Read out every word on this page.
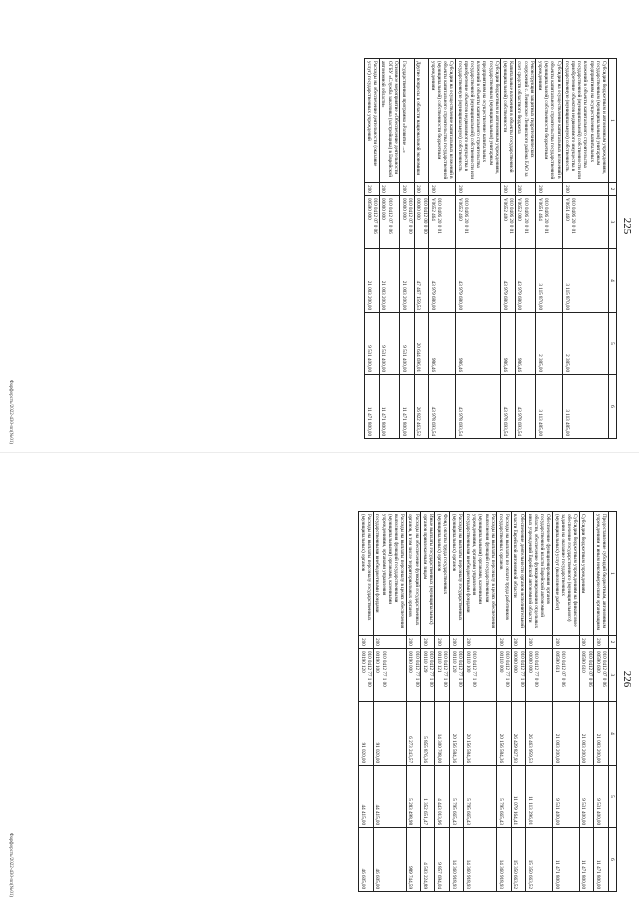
225
1	2	3	4	5	6
Субсидии бюджетным и автономным учреждениям, государственным (муниципальным) унитарным предприятиям на осуществление капитальных вложений в объекты капитального строительства государственной (муниципальной) собственности или приобретение объектов недвижимого имущества в государственную (муниципальную) собственность	200	010 0406 20 0 01 V0651 460	3 115 870,00	2 385,00	3 113 485,00
Субсидии на осуществление капитальных вложений в объекты капитального строительства государственной (муниципальной) собственности бюджетным учреждениям	200	010 0406 20 0 01 V0651 464	3 115 870,00	2 385,00	3 113 485,00
Реконструкция защитных гидротехнических сооружений с. Ленинское Ленинского района ЕАО за счет средств областного бюджета	200	010 0406 20 0 01 V0652 000	43 979 680,00	986,46	43 978 693,54
Капитальные вложения в объекты государственной (муниципальной) собственности	200	010 0406 20 0 01 V0652 400	43 979 680,00	986,46	43 978 693,54
Субсидии бюджетным и автономным учреждениям, государственным (муниципальным) унитарным предприятиям на осуществление капитальных вложений в объекты капитального строительства государственной (муниципальной) собственности или приобретение объектов недвижимого имущества в государственную (муниципальную) собственность	200	010 0406 20 0 01 V0652 460	43 979 680,00	986,46	43 978 693,54
Субсидии на осуществление капитальных вложений в объекты капитального строительства государственной (муниципальной) собственности бюджетным учреждениям	200	010 0406 20 0 01 V0652 464	43 979 680,00	986,46	43 978 693,54
Другие вопросы в области национальной экономики	200	010 0412 00 0 00 00000 000	47 467 159,53	20 644 696,01	26 822 463,52
Государственная программа «Развитие ...»	200	010 0412 07 0 00 00000 000	21 003 200,00	9 531 400,00	11 471 800,00
Основное мероприятие «Обеспечение деятельности ОГБУ «Служба заказчика (застройщика) в Еврейской автономной области»	200	010 0412 07 0 06 00000 000	21 003 200,00	9 531 400,00	11 471 800,00
Расходы на обеспечение деятельности (оказание услуг) государственных учреждений	200	010 0412 07 0 06 00590 000	21 003 200,00	9 531 400,00	11 471 800,00
Фарфорсть/2022-430-пп(№01)
226
1	2	3	4	5	6
Предоставление субсидий бюджетным, автономным учреждениям и иным некоммерческим организациям	200	010 0412 07 0 06 00590 600	21 003 200,00	9 531 400,00	11 471 800,00
Субсидии бюджетным учреждениям	200	010 0412 07 0 06 00590 610	21 003 200,00	9 531 400,00	11 471 800,00
Субсидии бюджетным учреждениям на финансовое обеспечение государственного (муниципального) задания на оказание государственных (муниципальных) услуг (выполнение работ)	200	010 0412 07 0 06 00590 611	21 003 200,00	9 531 400,00	11 471 800,00
Обеспечение функционирования органов государственной власти Еврейской автономной области, обеспечение функционирования отдельных иных учреждений Еврейской автономной области	200	010 0412 77 0 00 00000 000	26 463 959,53	11 113 296,01	15 350 663,52
Обеспечение деятельности органов исполнительной власти Еврейской автономной области	200	010 0412 77 1 00 00000 000	26 429 827,93	11 079 164,41	15 350 663,52
Расходы на выплаты по оплате труда работников государственных органов	200	010 0412 77 1 00 00110 000	20 156 584,36	5 795 665,43	14 360 918,93
Расходы на выплаты персоналу в целях обеспечения выполнения функций государственными (муниципальными) органами, казенными учреждениями, органами управления государственными внебюджетными фондами	200	010 0412 77 1 00 00110 100	20 156 584,36	5 795 665,43	14 360 918,93
Расходы на выплаты персоналу государственных (муниципальных) органов	200	010 0412 77 1 00 00110 120	20 156 584,36	5 795 665,43	14 360 918,93
Фонд оплаты труда государственных (муниципальных) органов	200	010 0412 77 1 00 00110 121	14 300 708,00	4 443 013,96	9 857 694,04
Иные выплаты государственных (муниципальных) органов привлекаемым лицам	200	010 0412 77 1 00 00110 129	5 855 876,36	1 352 651,47	4 503 224,89
Расходы на обеспечение функций государственных органов, в том числе территориальных органов	200	010 0412 77 1 00 00190 000	6 273 243,57	5 283 498,98	989 744,59
Расходы на выплаты персоналу в целях обеспечения выполнения функций государственными (муниципальными) органами, казенными учреждениями, органами управления государственными внебюджетными фондами	200	010 0412 77 1 00 00190 100	91 020,00	44 415,00	46 605,00
Расходы на выплаты персоналу государственных (муниципальных) органов	200	010 0412 77 1 00 00190 120	91 020,00	44 415,00	46 605,00
Фарфорсть/2022-430-пп(№01)
